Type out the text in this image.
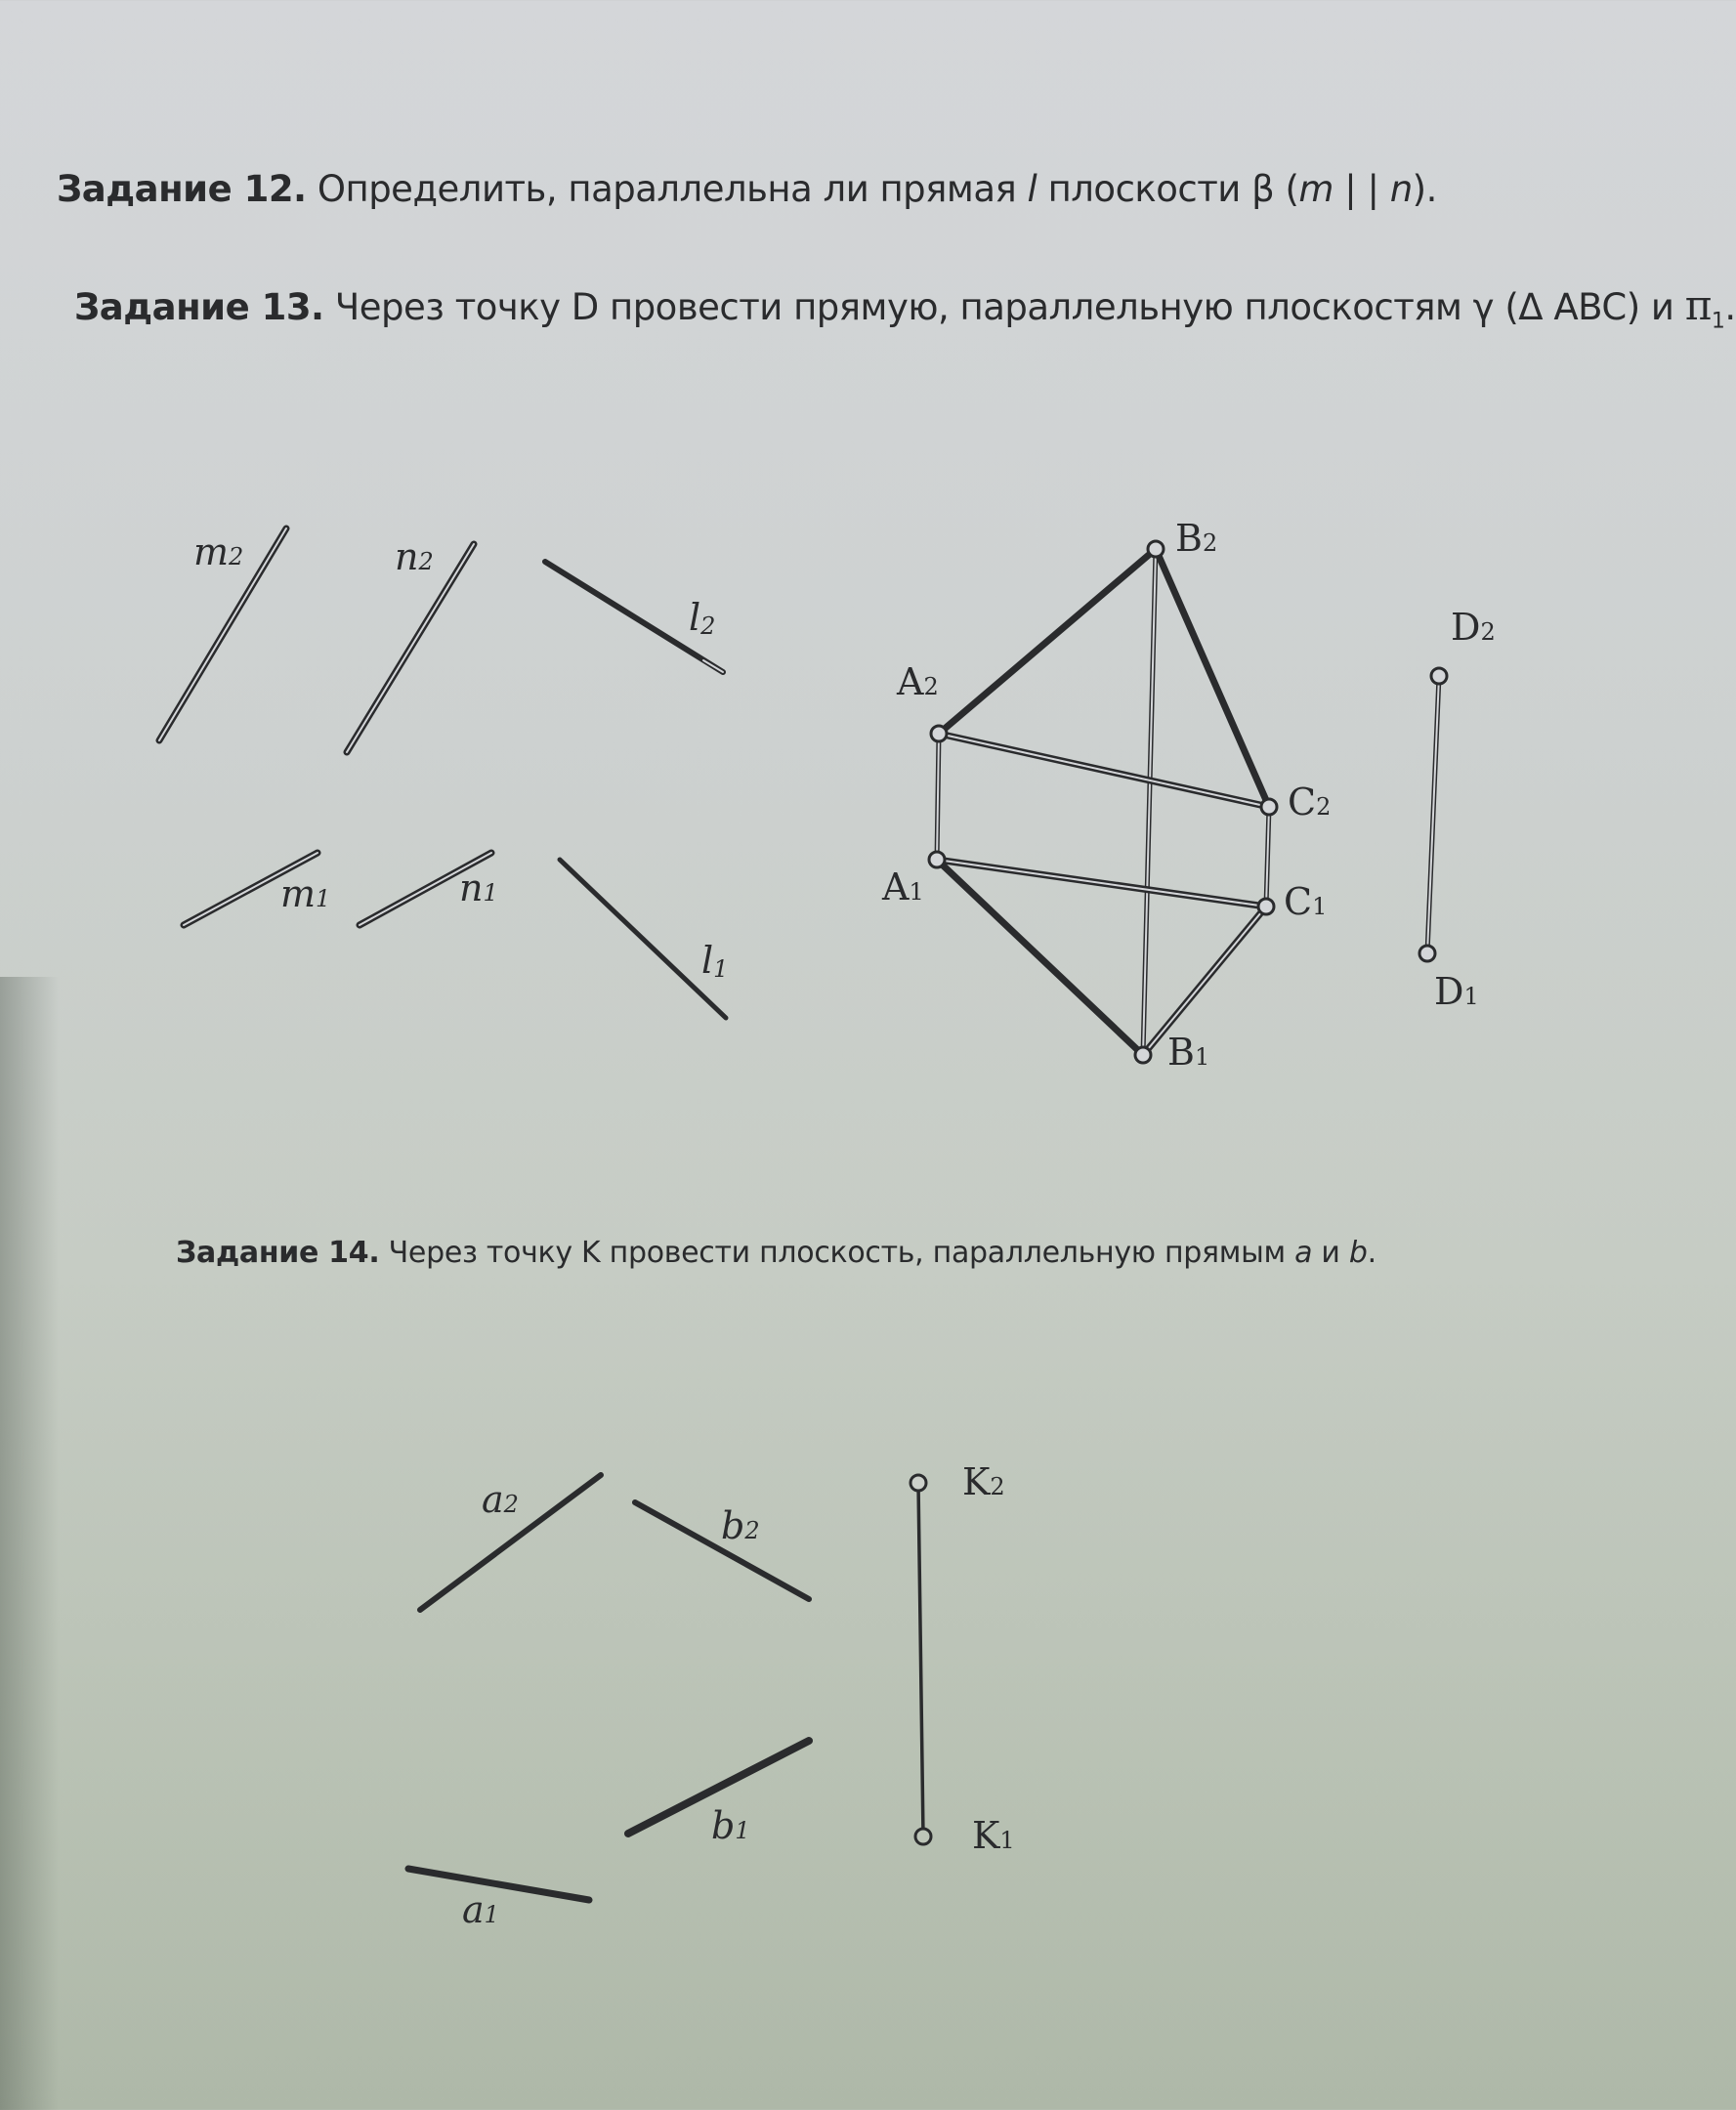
Задание 12. Определить, параллельна ли прямая l плоскости β (m | | n).

Задание 13. Через точку D провести прямую, параллельную плоскостям γ (Δ ABC) и $\pi_1$.

Задание 14. Через точку K провести плоскость, параллельную прямым a и b.

m2	n2
l2
m1	n1
l1
B2
A2
C2
D2
A1	C1
B1
D1
a2	b2
b1
a1
K2
K1
